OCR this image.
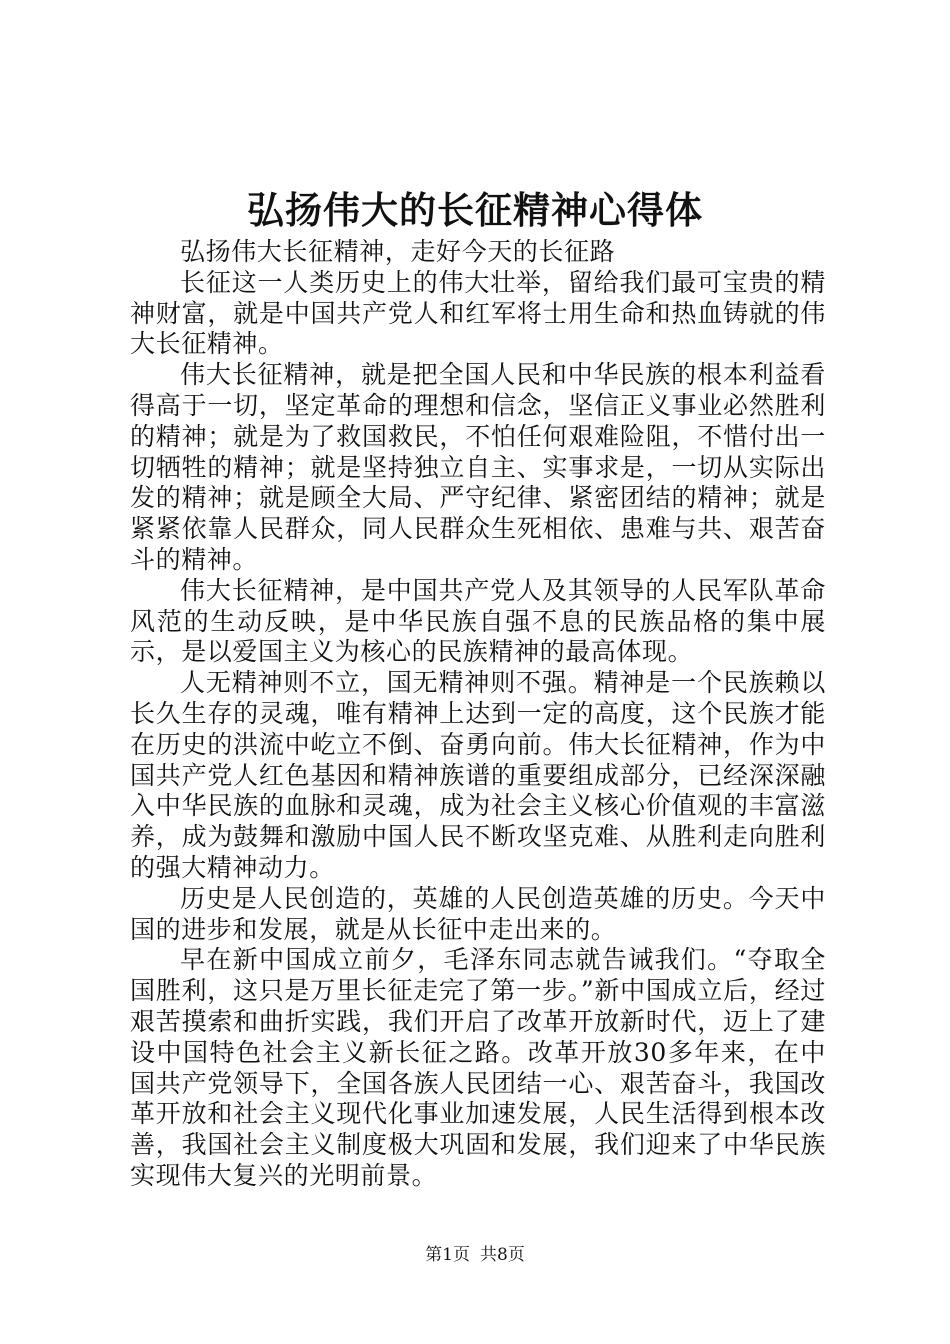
弘扬伟大的长征精神心得体

弘扬伟大长征精神，走好今天的长征路

长征这一人类历史上的伟大壮举，留给我们最可宝贵的精神财富，就是中国共产党人和红军将士用生命和热血铸就的伟大长征精神。

伟大长征精神，就是把全国人民和中华民族的根本利益看得高于一切，坚定革命的理想和信念，坚信正义事业必然胜利的精神；就是为了救国救民，不怕任何艰难险阻，不惜付出一切牺牲的精神；就是坚持独立自主、实事求是，一切从实际出发的精神；就是顾全大局、严守纪律、紧密团结的精神；就是紧紧依靠人民群众，同人民群众生死相依、患难与共、艰苦奋斗的精神。

伟大长征精神，是中国共产党人及其领导的人民军队革命风范的生动反映，是中华民族自强不息的民族品格的集中展示，是以爱国主义为核心的民族精神的最高体现。

人无精神则不立，国无精神则不强。精神是一个民族赖以长久生存的灵魂，唯有精神上达到一定的高度，这个民族才能在历史的洪流中屹立不倒、奋勇向前。伟大长征精神，作为中国共产党人红色基因和精神族谱的重要组成部分，已经深深融入中华民族的血脉和灵魂，成为社会主义核心价值观的丰富滋养，成为鼓舞和激励中国人民不断攻坚克难、从胜利走向胜利的强大精神动力。

历史是人民创造的，英雄的人民创造英雄的历史。今天中国的进步和发展，就是从长征中走出来的。

早在新中国成立前夕，毛泽东同志就告诫我们。“夺取全国胜利，这只是万里长征走完了第一步。”新中国成立后，经过艰苦摸索和曲折实践，我们开启了改革开放新时代，迈上了建设中国特色社会主义新长征之路。改革开放30多年来，在中国共产党领导下，全国各族人民团结一心、艰苦奋斗，我国改革开放和社会主义现代化事业加速发展，人民生活得到根本改善，我国社会主义制度极大巩固和发展，我们迎来了中华民族实现伟大复兴的光明前景。

第1页 共8页
